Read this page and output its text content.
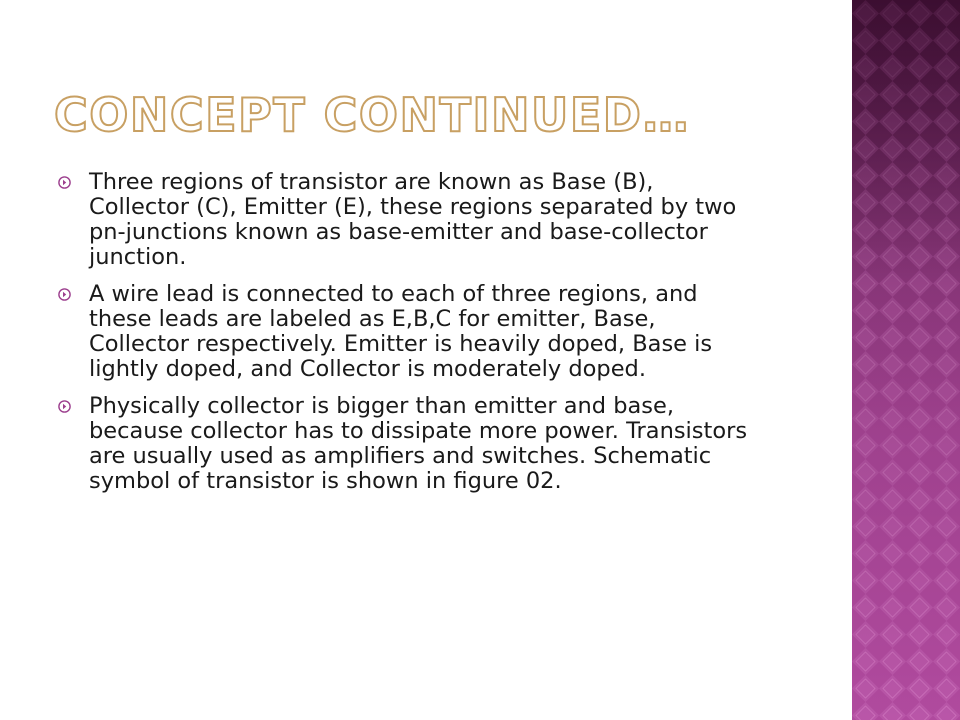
CONCEPT CONTINUED…
Three regions of transistor are known as Base (B), Collector (C), Emitter (E), these regions separated by two pn-junctions known as base-emitter and base-collector junction.
A wire lead is connected to each of three regions, and these leads are labeled as E,B,C for emitter, Base, Collector respectively. Emitter is heavily doped, Base is lightly doped, and Collector is moderately doped.
Physically collector is bigger than emitter and base, because collector has to dissipate more power. Transistors are usually used as amplifiers and switches. Schematic symbol of transistor is shown in figure 02.
